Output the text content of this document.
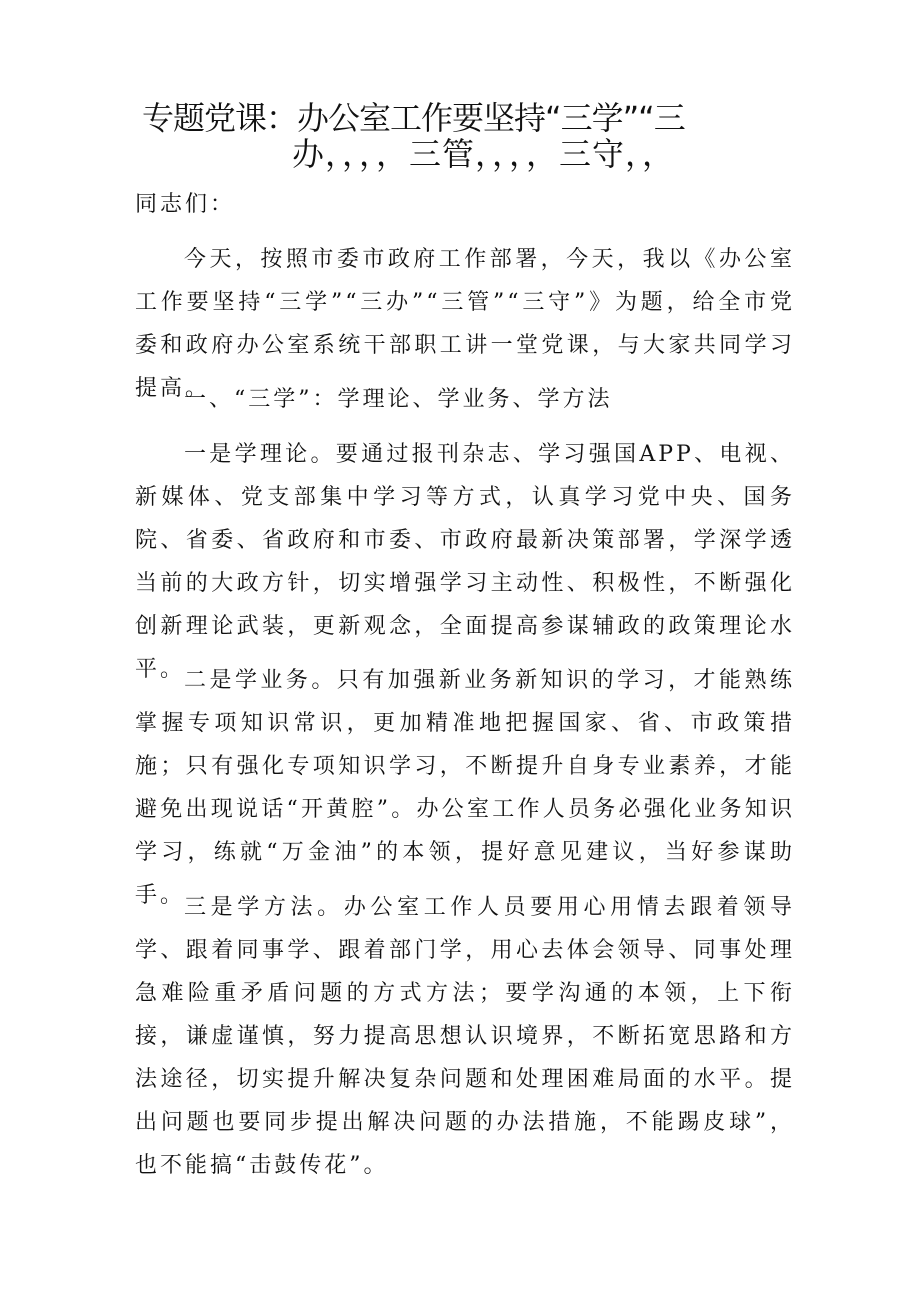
专题党课：办公室工作要坚持“三学”“三
办，，，，三管，，，，三守，，

同志们：

今天，按照市委市政府工作部署，今天，我以《办公室工作要坚持“三学”“三办”“三管”“三守”》为题，给全市党委和政府办公室系统干部职工讲一堂党课，与大家共同学习提高。

一、“三学”：学理论、学业务、学方法

一是学理论。要通过报刊杂志、学习强国APP、电视、新媒体、党支部集中学习等方式，认真学习党中央、国务院、省委、省政府和市委、市政府最新决策部署，学深学透当前的大政方针，切实增强学习主动性、积极性，不断强化创新理论武装，更新观念，全面提高参谋辅政的政策理论水平。

二是学业务。只有加强新业务新知识的学习，才能熟练掌握专项知识常识，更加精准地把握国家、省、市政策措施；只有强化专项知识学习，不断提升自身专业素养，才能避免出现说话“开黄腔”。办公室工作人员务必强化业务知识学习，练就“万金油”的本领，提好意见建议，当好参谋助手。

三是学方法。办公室工作人员要用心用情去跟着领导学、跟着同事学、跟着部门学，用心去体会领导、同事处理急难险重矛盾问题的方式方法；要学沟通的本领，上下衔接，谦虚谨慎，努力提高思想认识境界，不断拓宽思路和方法途径，切实提升解决复杂问题和处理困难局面的水平。提出问题也要同步提出解决问题的办法措施，不能踢皮球”，也不能搞“击鼓传花”。
